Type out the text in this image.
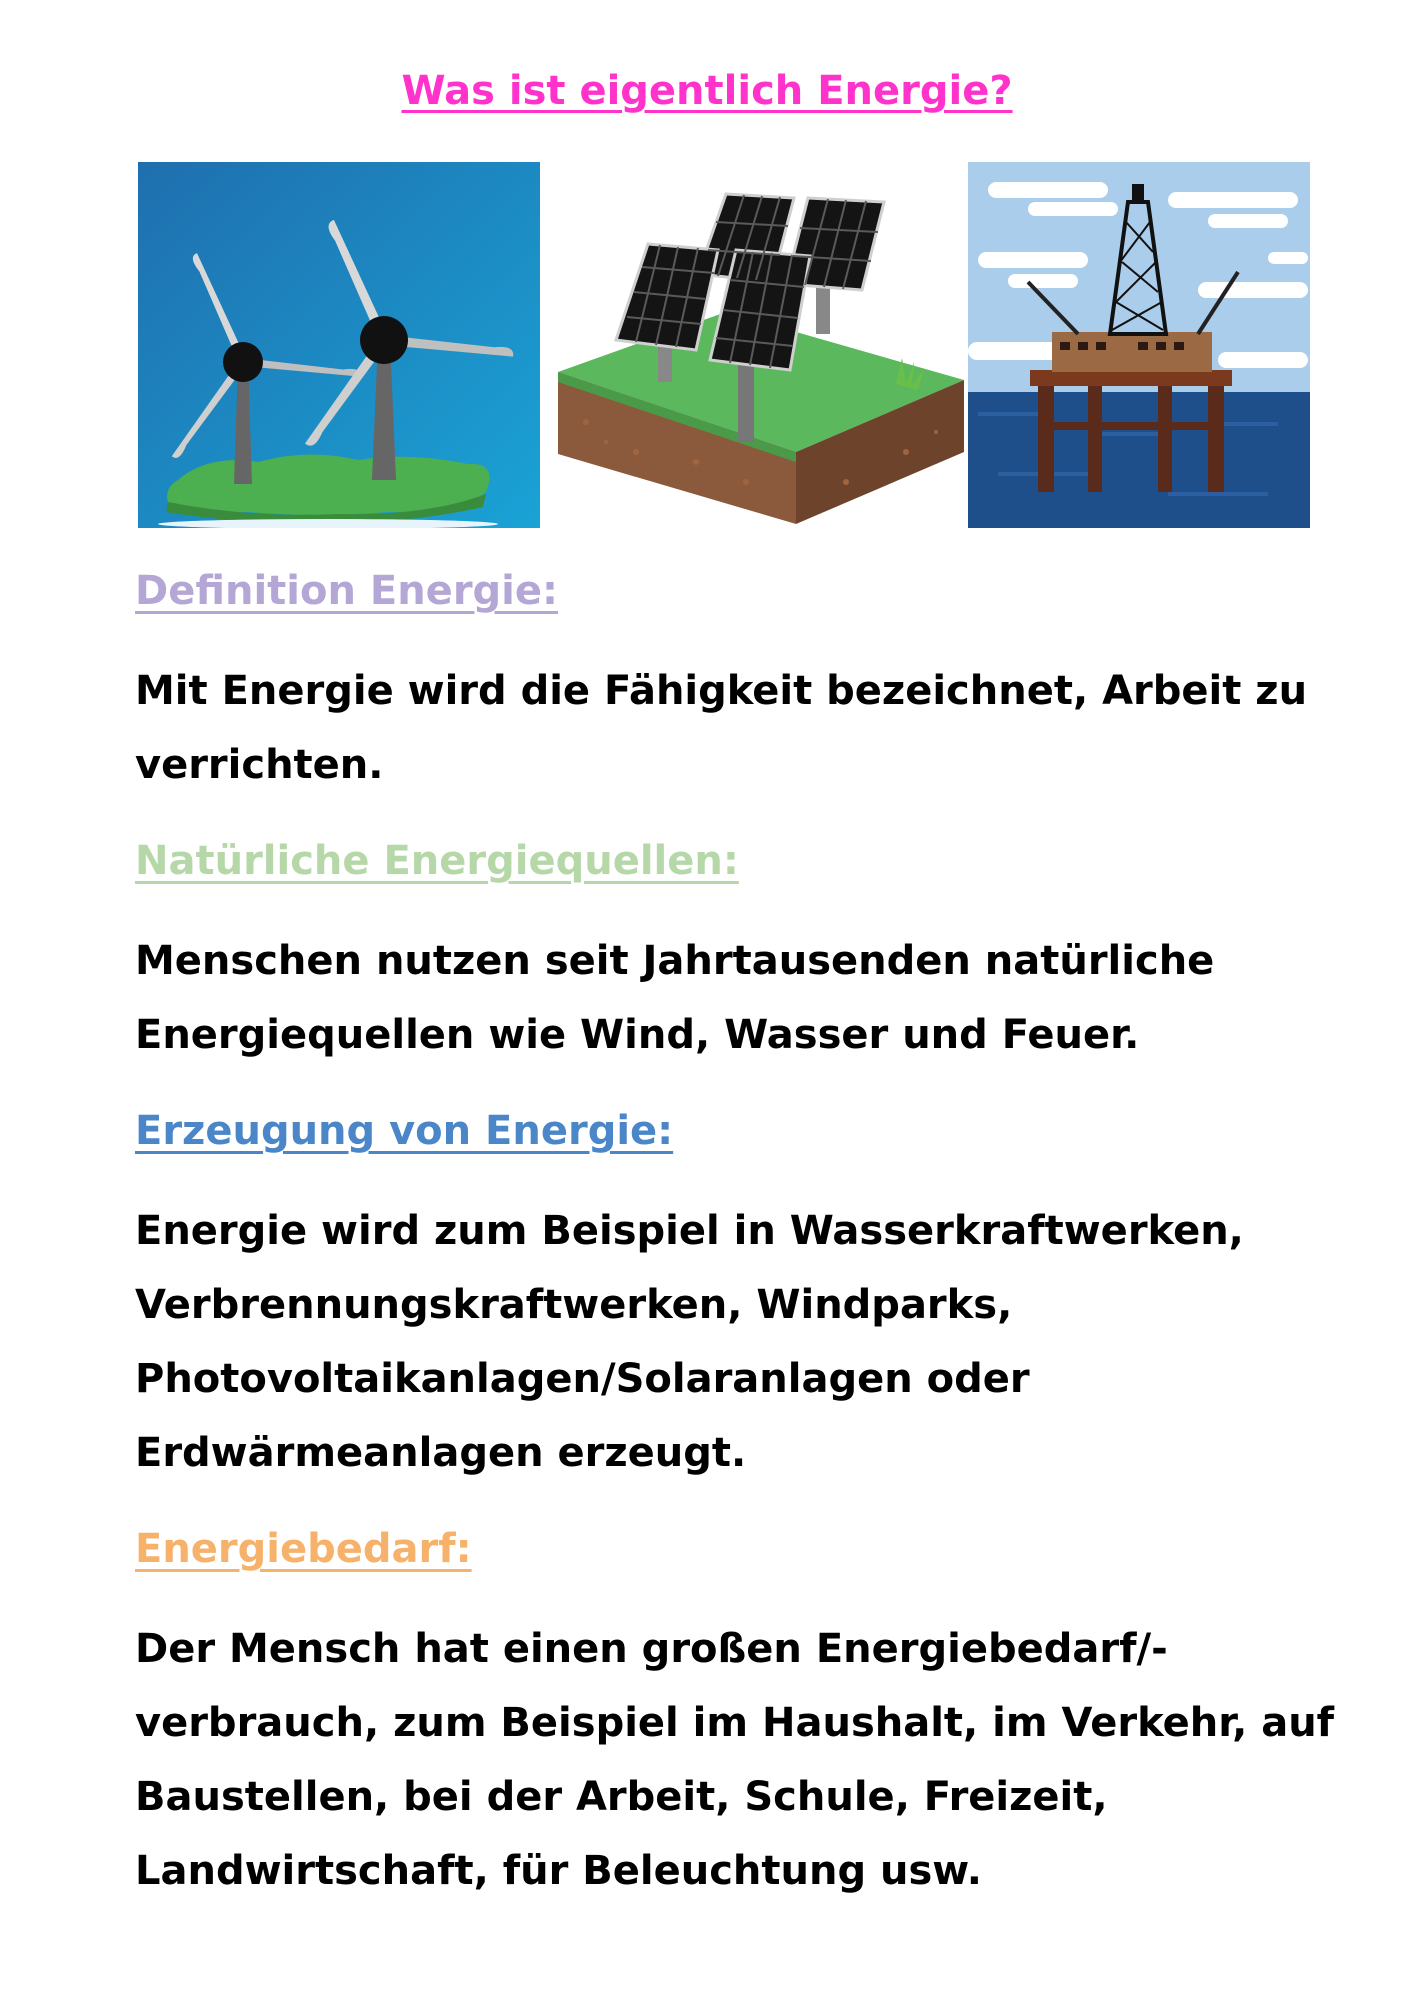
Was ist eigentlich Energie?
Definition Energie:

Mit Energie wird die Fähigkeit bezeichnet, Arbeit zu
verrichten.

Natürliche Energiequellen:

Menschen nutzen seit Jahrtausenden natürliche
Energiequellen wie Wind, Wasser und Feuer.

Erzeugung von Energie:

Energie wird zum Beispiel in Wasserkraftwerken,
Verbrennungskraftwerken, Windparks,
Photovoltaikanlagen/Solaranlagen oder
Erdwärmeanlagen erzeugt.

Energiebedarf:

Der Mensch hat einen großen Energiebedarf/-
verbrauch, zum Beispiel im Haushalt, im Verkehr, auf
Baustellen, bei der Arbeit, Schule, Freizeit,
Landwirtschaft, für Beleuchtung usw.
